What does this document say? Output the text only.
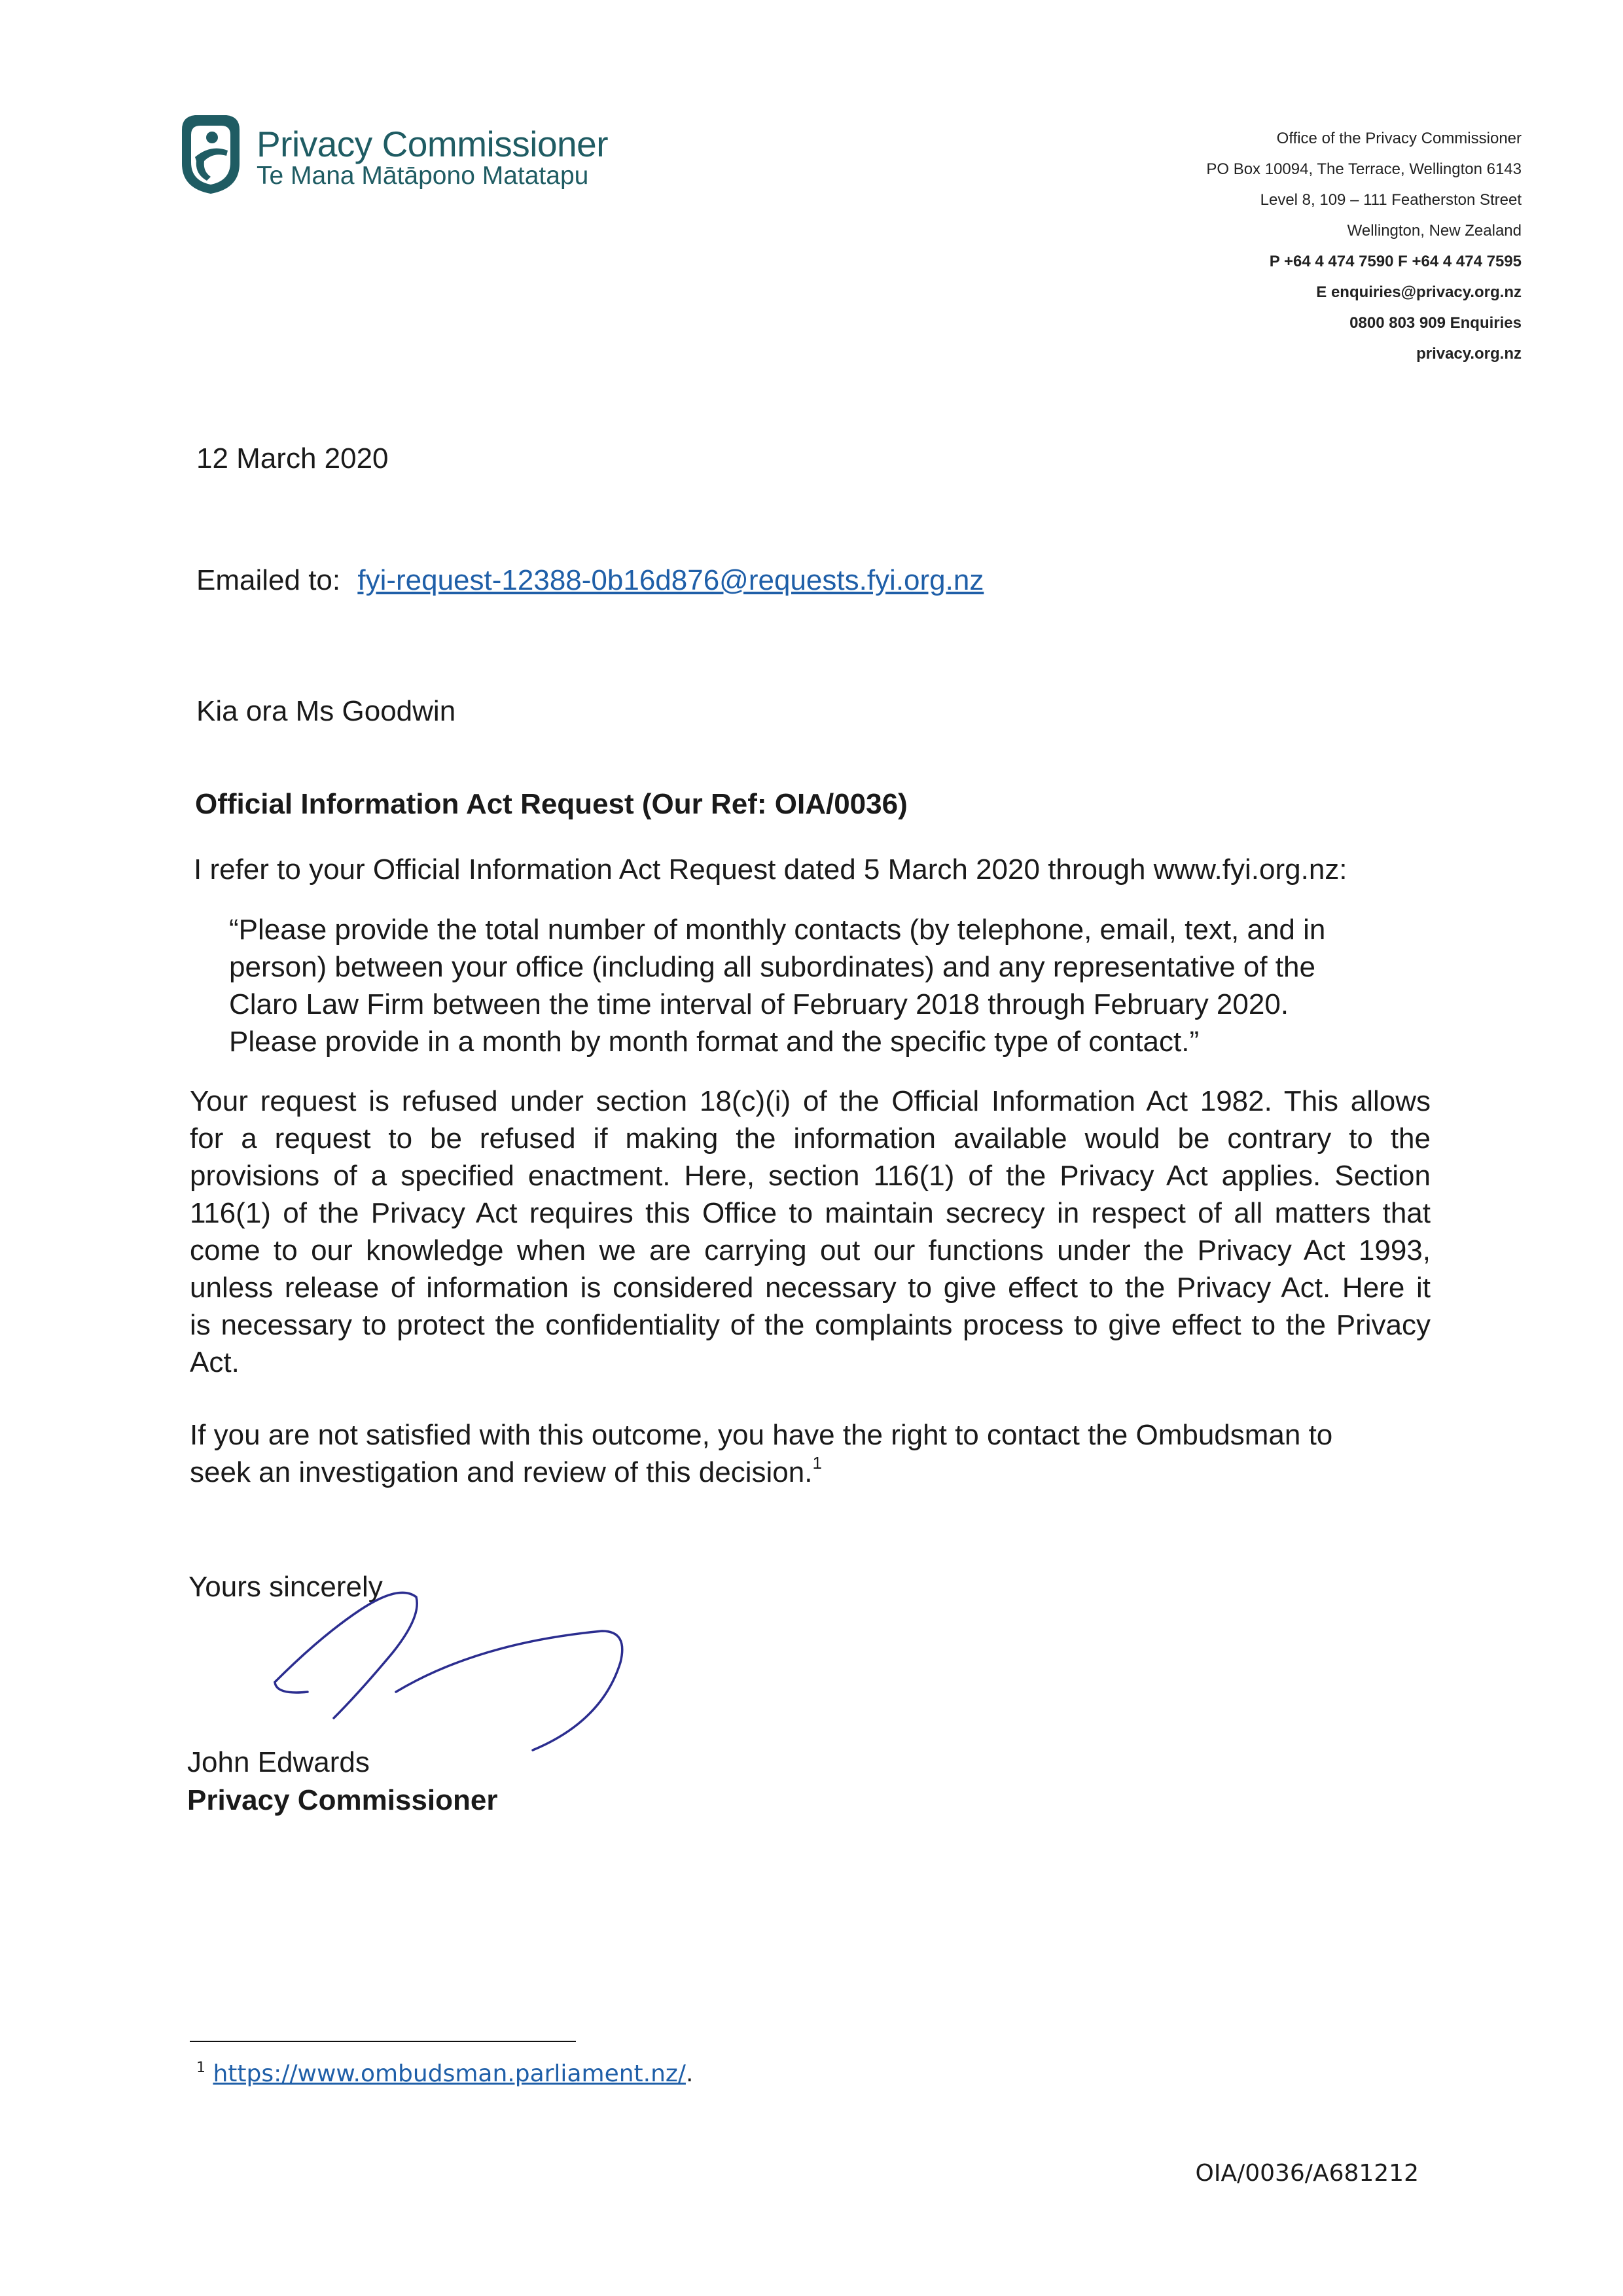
Privacy Commissioner
Te Mana Mātāpono Matatapu
Office of the Privacy Commissioner
PO Box 10094, The Terrace, Wellington 6143
Level 8, 109 – 111 Featherston Street
Wellington, New Zealand
P +64 4 474 7590 F +64 4 474 7595
E enquiries@privacy.org.nz
0800 803 909 Enquiries
privacy.org.nz
12 March 2020
Emailed to: fyi-request-12388-0b16d876@requests.fyi.org.nz
Kia ora Ms Goodwin
Official Information Act Request (Our Ref: OIA/0036)
I refer to your Official Information Act Request dated 5 March 2020 through www.fyi.org.nz:
“Please provide the total number of monthly contacts (by telephone, email, text, and in
person) between your office (including all subordinates) and any representative of the
Claro Law Firm between the time interval of February 2018 through February 2020.
Please provide in a month by month format and the specific type of contact.”
Your request is refused under section 18(c)(i) of the Official Information Act 1982. This allows
for a request to be refused if making the information available would be contrary to the
provisions of a specified enactment. Here, section 116(1) of the Privacy Act applies. Section
116(1) of the Privacy Act requires this Office to maintain secrecy in respect of all matters that
come to our knowledge when we are carrying out our functions under the Privacy Act 1993,
unless release of information is considered necessary to give effect to the Privacy Act. Here it
is necessary to protect the confidentiality of the complaints process to give effect to the Privacy
Act.
If you are not satisfied with this outcome, you have the right to contact the Ombudsman to
seek an investigation and review of this decision.$^1$
Yours sincerely
John Edwards
Privacy Commissioner
$^1$ https://www.ombudsman.parliament.nz/.
OIA/0036/A681212
